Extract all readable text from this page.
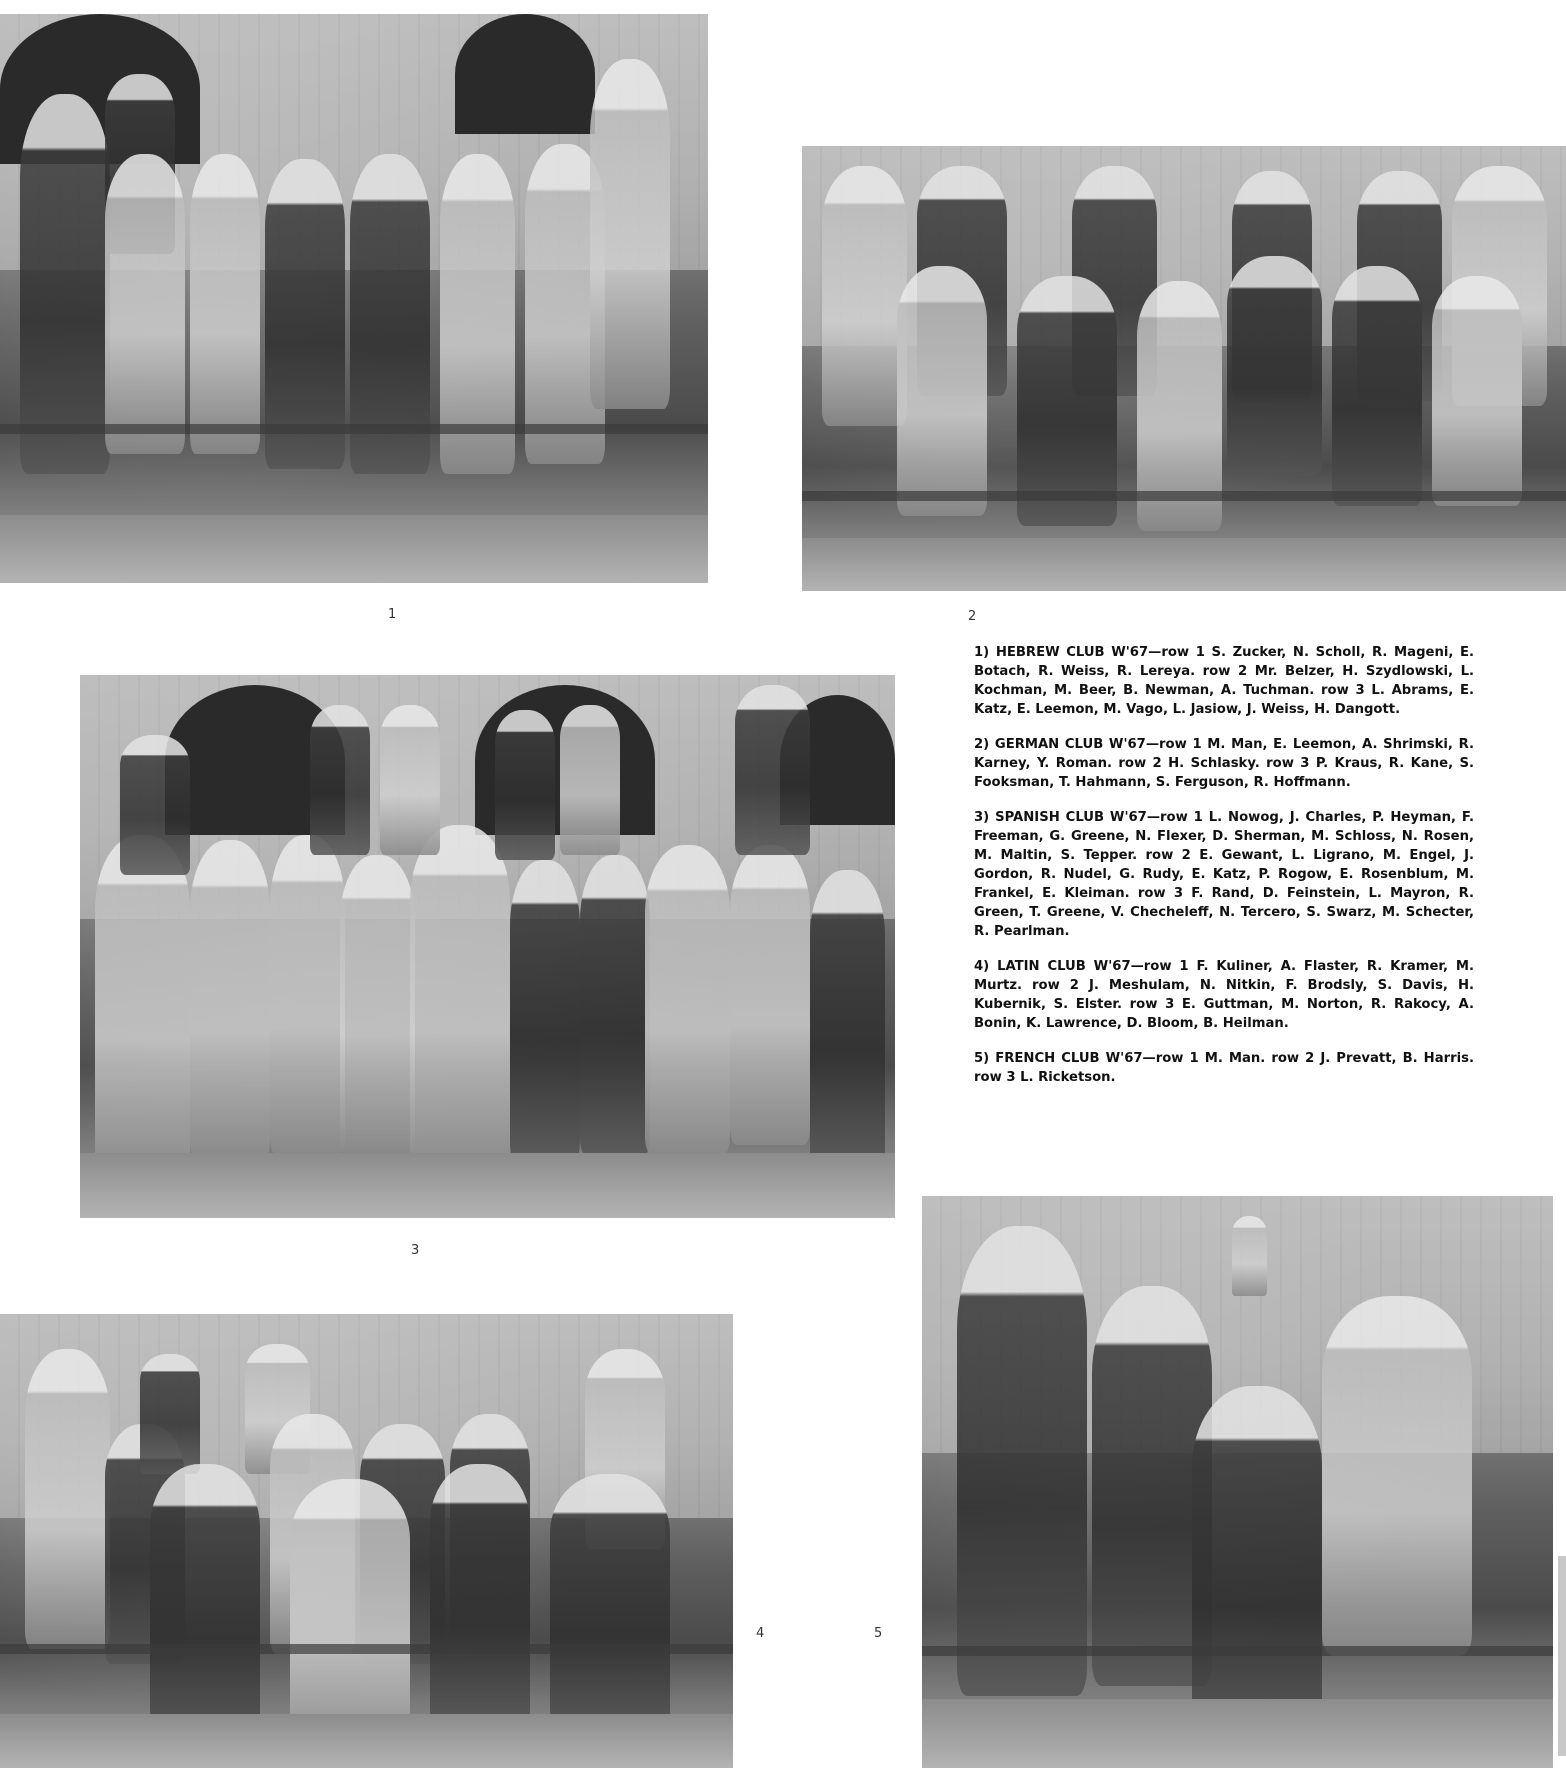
1	2

1) HEBREW CLUB W'67—row 1 S. Zucker, N. Scholl, R. Mageni, E. Botach, R. Weiss, R. Lereya. row 2 Mr. Belzer, H. Szydlowski, L. Kochman, M. Beer, B. Newman, A. Tuchman. row 3 L. Abrams, E. Katz, E. Leemon, M. Vago, L. Jasiow, J. Weiss, H. Dangott.

2) GERMAN CLUB W'67—row 1 M. Man, E. Leemon, A. Shrimski, R. Karney, Y. Roman. row 2 H. Schlasky. row 3 P. Kraus, R. Kane, S. Fooksman, T. Hahmann, S. Ferguson, R. Hoffmann.

3) SPANISH CLUB W'67—row 1 L. Nowog, J. Charles, P. Heyman, F. Freeman, G. Greene, N. Flexer, D. Sherman, M. Schloss, N. Rosen, M. Maltin, S. Tepper. row 2 E. Gewant, L. Ligrano, M. Engel, J. Gordon, R. Nudel, G. Rudy, E. Katz, P. Rogow, E. Rosenblum, M. Frankel, E. Kleiman. row 3 F. Rand, D. Feinstein, L. Mayron, R. Green, T. Greene, V. Checheleff, N. Tercero, S. Swarz, M. Schecter, R. Pearlman.

4) LATIN CLUB W'67—row 1 F. Kuliner, A. Flaster, R. Kramer, M. Murtz. row 2 J. Meshulam, N. Nitkin, F. Brodsly, S. Davis, H. Kubernik, S. Elster. row 3 E. Guttman, M. Norton, R. Rakocy, A. Bonin, K. Lawrence, D. Bloom, B. Heilman.

5) FRENCH CLUB W'67—row 1 M. Man. row 2 J. Prevatt, B. Harris. row 3 L. Ricketson.

3
4	5
